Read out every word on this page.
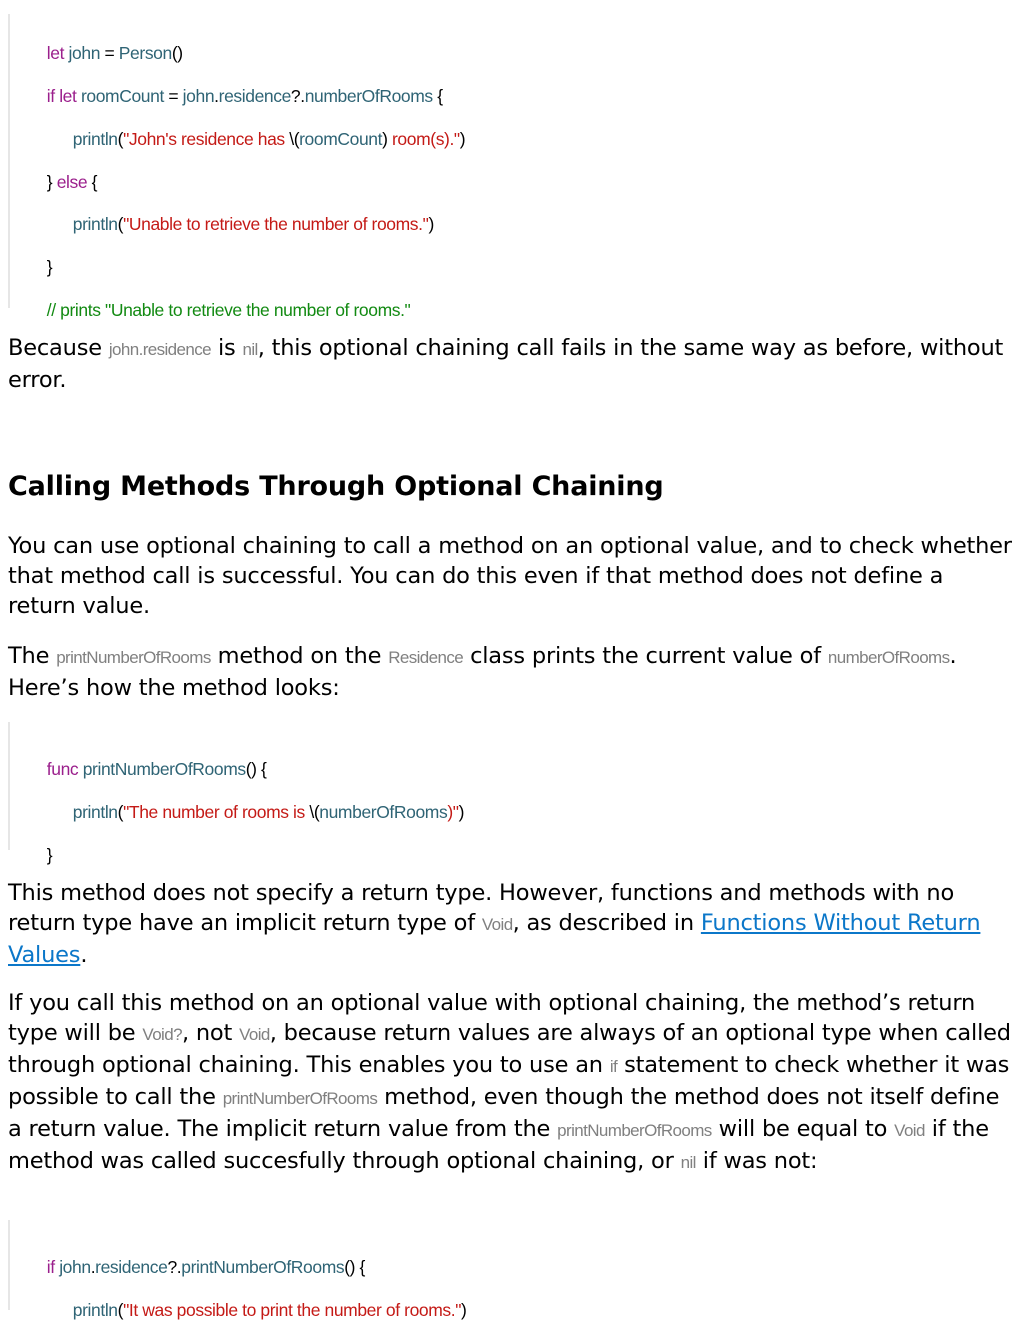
let john = Person()

if let roomCount = john.residence?.numberOfRooms {

println("John's residence has \(roomCount) room(s).")

} else {

println("Unable to retrieve the number of rooms.")

}

// prints "Unable to retrieve the number of rooms."

Because john.residence is nil, this optional chaining call fails in the same way as before, without error.

Calling Methods Through Optional Chaining

You can use optional chaining to call a method on an optional value, and to check whether that method call is successful. You can do this even if that method does not define a return value.

The printNumberOfRooms method on the Residence class prints the current value of numberOfRooms. Here’s how the method looks:

func printNumberOfRooms() {

println("The number of rooms is \(numberOfRooms)")

}

This method does not specify a return type. However, functions and methods with no return type have an implicit return type of Void, as described in Functions Without Return Values.

If you call this method on an optional value with optional chaining, the method’s return type will be Void?, not Void, because return values are always of an optional type when called through optional chaining. This enables you to use an if statement to check whether it was possible to call the printNumberOfRooms method, even though the method does not itself define a return value. The implicit return value from the printNumberOfRooms will be equal to Void if the method was called succesfully through optional chaining, or nil if was not:

if john.residence?.printNumberOfRooms() {

println("It was possible to print the number of rooms.")
